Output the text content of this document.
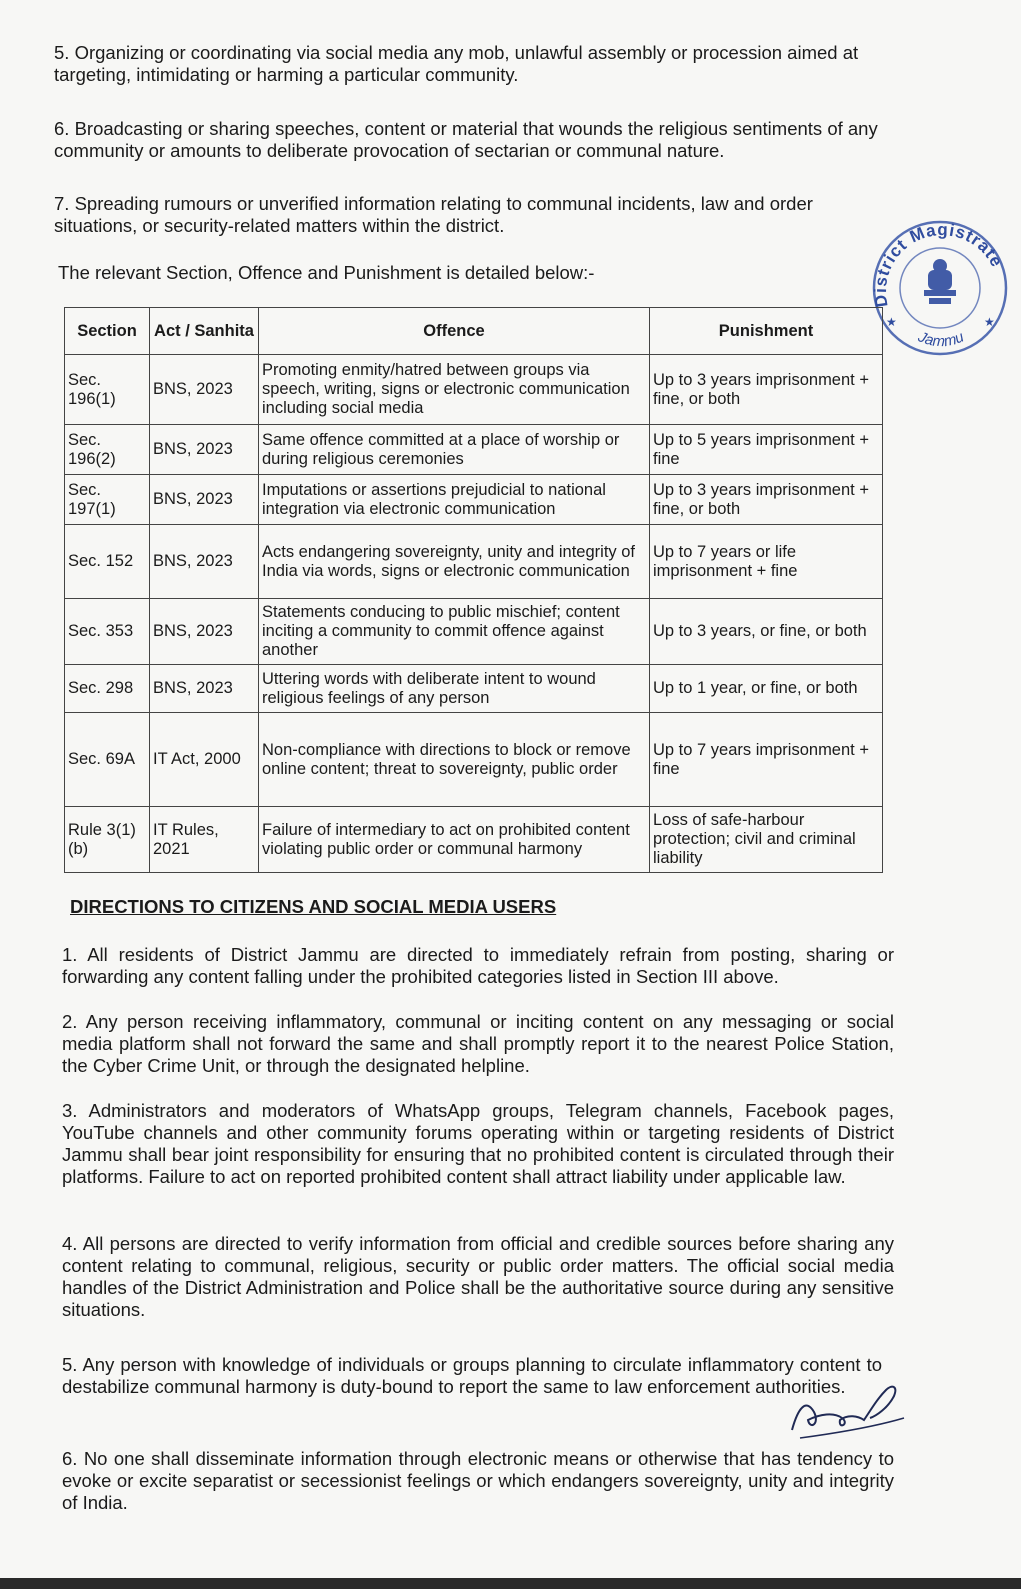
5. Organizing or coordinating via social media any mob, unlawful assembly or procession aimed at targeting, intimidating or harming a particular community.

6. Broadcasting or sharing speeches, content or material that wounds the religious sentiments of any community or amounts to deliberate provocation of sectarian or communal nature.

7. Spreading rumours or unverified information relating to communal incidents, law and order situations, or security-related matters within the district.

The relevant Section, Offence and Punishment is detailed below:-

District Magistrate
Jammu
★	★
Section	Act / Sanhita	Offence	Punishment
Sec. 196(1)	BNS, 2023	Promoting enmity/hatred between groups via speech, writing, signs or electronic communication including social media	Up to 3 years imprisonment + fine, or both
Sec. 196(2)	BNS, 2023	Same offence committed at a place of worship or during religious ceremonies	Up to 5 years imprisonment + fine
Sec. 197(1)	BNS, 2023	Imputations or assertions prejudicial to national integration via electronic communication	Up to 3 years imprisonment + fine, or both
Sec. 152	BNS, 2023	Acts endangering sovereignty, unity and integrity of India via words, signs or electronic communication	Up to 7 years or life imprisonment + fine
Sec. 353	BNS, 2023	Statements conducing to public mischief; content inciting a community to commit offence against another	Up to 3 years, or fine, or both
Sec. 298	BNS, 2023	Uttering words with deliberate intent to wound religious feelings of any person	Up to 1 year, or fine, or both
Sec. 69A	IT Act, 2000	Non-compliance with directions to block or remove online content; threat to sovereignty, public order	Up to 7 years imprisonment + fine
Rule 3(1)(b)	IT Rules, 2021	Failure of intermediary to act on prohibited content violating public order or communal harmony	Loss of safe-harbour protection; civil and criminal liability
DIRECTIONS TO CITIZENS AND SOCIAL MEDIA USERS

1. All residents of District Jammu are directed to immediately refrain from posting, sharing or forwarding any content falling under the prohibited categories listed in Section III above.

2. Any person receiving inflammatory, communal or inciting content on any messaging or social media platform shall not forward the same and shall promptly report it to the nearest Police Station, the Cyber Crime Unit, or through the designated helpline.

3. Administrators and moderators of WhatsApp groups, Telegram channels, Facebook pages, YouTube channels and other community forums operating within or targeting residents of District Jammu shall bear joint responsibility for ensuring that no prohibited content is circulated through their platforms. Failure to act on reported prohibited content shall attract liability under applicable law.

4. All persons are directed to verify information from official and credible sources before sharing any content relating to communal, religious, security or public order matters. The official social media handles of the District Administration and Police shall be the authoritative source during any sensitive situations.

5. Any person with knowledge of individuals or groups planning to circulate inflammatory content to destabilize communal harmony is duty-bound to report the same to law enforcement authorities.

6. No one shall disseminate information through electronic means or otherwise that has tendency to evoke or excite separatist or secessionist feelings or which endangers sovereignty, unity and integrity of India.
